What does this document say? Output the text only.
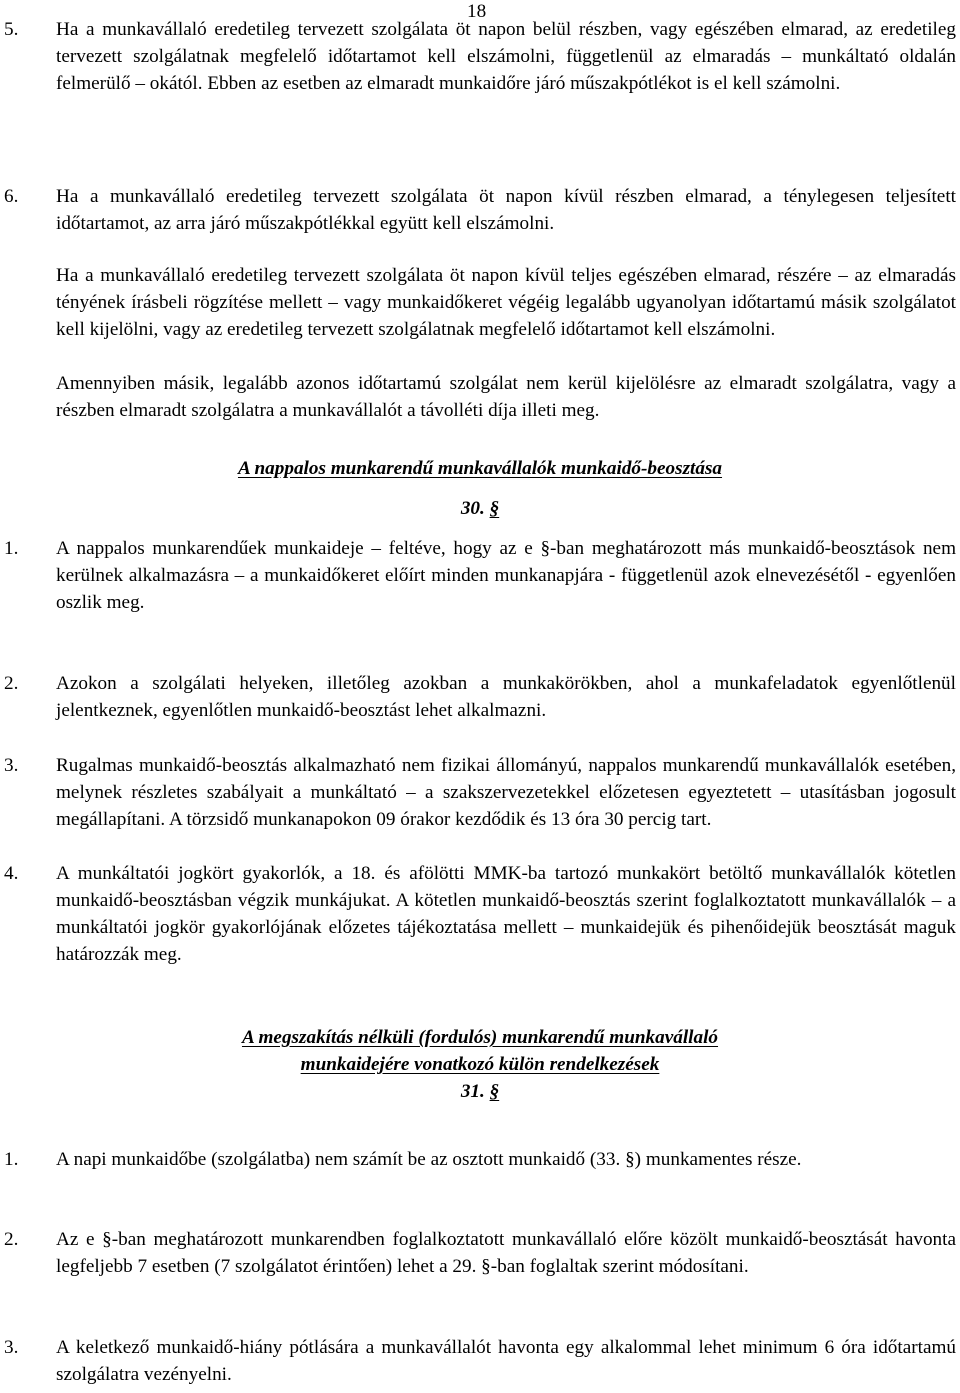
18
5. Ha a munkavállaló eredetileg tervezett szolgálata öt napon belül részben, vagy egészében elmarad, az eredetileg tervezett szolgálatnak megfelelő időtartamot kell elszámolni, függetlenül az elmaradás – munkáltató oldalán felmerülő – okától. Ebben az esetben az elmaradt munkaidőre járó műszakpótlékot is el kell számolni.
6. Ha a munkavállaló eredetileg tervezett szolgálata öt napon kívül részben elmarad, a ténylegesen teljesített időtartamot, az arra járó műszakpótlékkal együtt kell elszámolni.
Ha a munkavállaló eredetileg tervezett szolgálata öt napon kívül teljes egészében elmarad, részére – az elmaradás tényének írásbeli rögzítése mellett – vagy munkaidőkeret végéig legalább ugyanolyan időtartamú másik szolgálatot kell kijelölni, vagy az eredetileg tervezett szolgálatnak megfelelő időtartamot kell elszámolni.
Amennyiben másik, legalább azonos időtartamú szolgálat nem kerül kijelölésre az elmaradt szolgálatra, vagy a részben elmaradt szolgálatra a munkavállalót a távolléti díja illeti meg.
A nappalos munkarendű munkavállalók munkaidő-beosztása
30. §
1. A nappalos munkarendűek munkaideje – feltéve, hogy az e §-ban meghatározott más munkaidő-beosztások nem kerülnek alkalmazásra – a munkaidőkeret előírt minden munkanapjára - függetlenül azok elnevezésétől - egyenlően oszlik meg.
2. Azokon a szolgálati helyeken, illetőleg azokban a munkakörökben, ahol a munkafeladatok egyenlőtlenül jelentkeznek, egyenlőtlen munkaidő-beosztást lehet alkalmazni.
3. Rugalmas munkaidő-beosztás alkalmazható nem fizikai állományú, nappalos munkarendű munkavállalók esetében, melynek részletes szabályait a munkáltató – a szakszervezetekkel előzetesen egyeztetett – utasításban jogosult megállapítani. A törzsidő munkanapokon 09 órakor kezdődik és 13 óra 30 percig tart.
4. A munkáltatói jogkört gyakorlók, a 18. és afölötti MMK-ba tartozó munkakört betöltő munkavállalók kötetlen munkaidő-beosztásban végzik munkájukat. A kötetlen munkaidő-beosztás szerint foglalkoztatott munkavállalók – a munkáltatói jogkör gyakorlójának előzetes tájékoztatása mellett – munkaidejük és pihenőidejük beosztását maguk határozzák meg.
A megszakítás nélküli (fordulós) munkarendű munkavállaló
munkaidejére vonatkozó külön rendelkezések
31. §
1. A napi munkaidőbe (szolgálatba) nem számít be az osztott munkaidő (33. §) munkamentes része.
2. Az e §-ban meghatározott munkarendben foglalkoztatott munkavállaló előre közölt munkaidő-beosztását havonta legfeljebb 7 esetben (7 szolgálatot érintően) lehet a 29. §-ban foglaltak szerint módosítani.
3. A keletkező munkaidő-hiány pótlására a munkavállalót havonta egy alkalommal lehet minimum 6 óra időtartamú szolgálatra vezényelni.
